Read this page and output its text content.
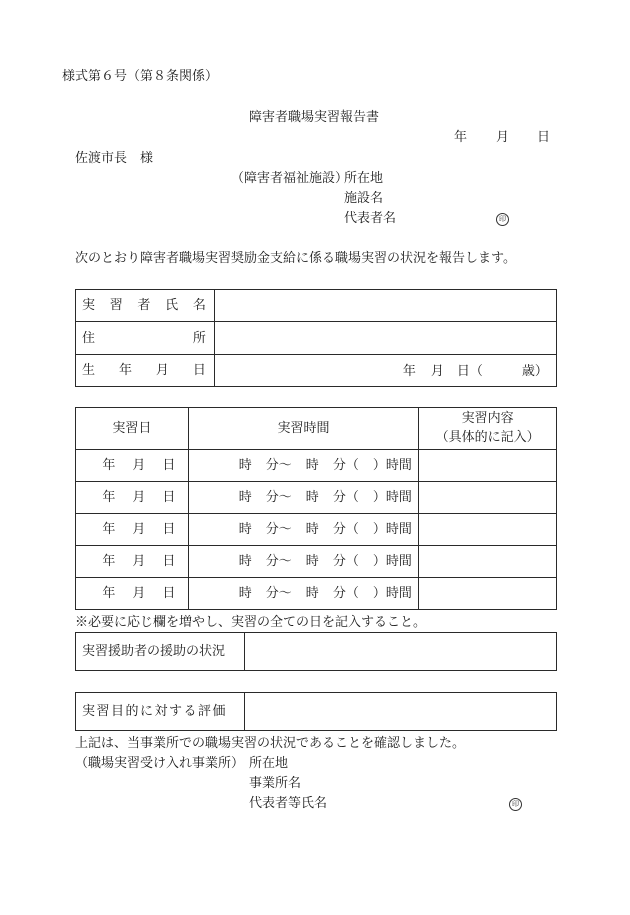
様式第６号（第８条関係）
障害者職場実習報告書
年 月 日
佐渡市長　様
（障害者福祉施設）
所在地
施設名
代表者名	印
次のとおり障害者職場実習奨励金支給に係る職場実習の状況を報告します。
実 習 者 氏 名	

住 所	

生 年 月 日	年 月 日（ 歳）
実習日	実習時間	実習内容
（具体的に記入）

年 月 日	時 分～ 時 分（ ）時間	
年 月 日	時 分～ 時 分（ ）時間	
年 月 日	時 分～ 時 分（ ）時間	
年 月 日	時 分～ 時 分（ ）時間	
年 月 日	時 分～ 時 分（ ）時間	
※必要に応じ欄を増やし、実習の全ての日を記入すること。
実習援助者の援助の状況	
実習目的に対する評価	
上記は、当事業所での職場実習の状況であることを確認しました。
（職場実習受け入れ事業所） 所在地
事業所名
代表者等氏名	印
